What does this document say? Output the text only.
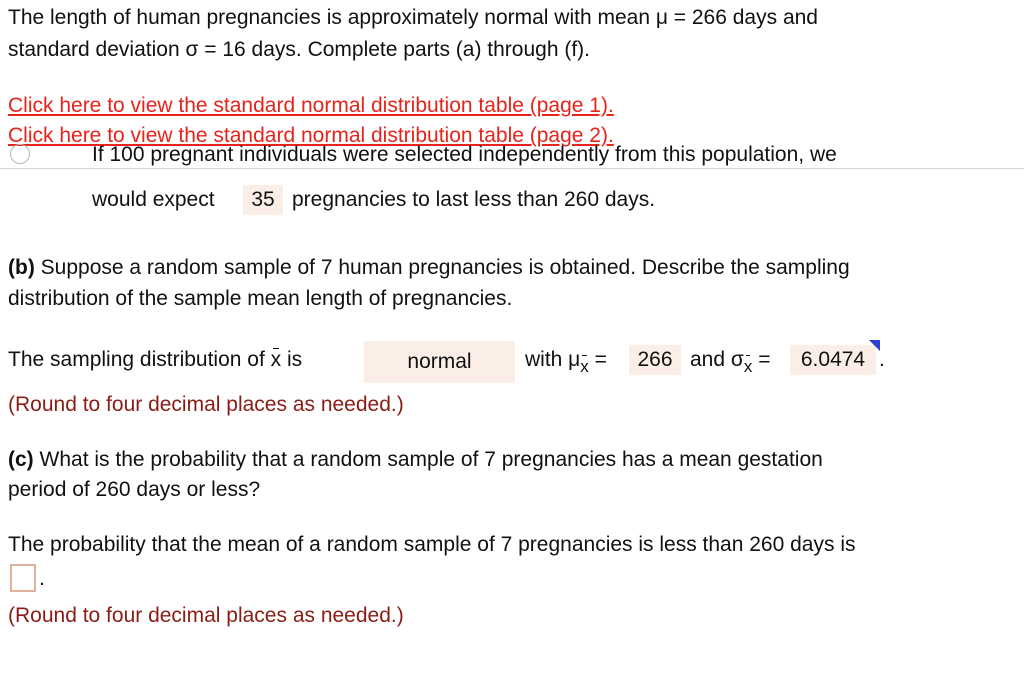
The length of human pregnancies is approximately normal with mean μ = 266 days and
standard deviation σ = 16 days. Complete parts (a) through (f).
Click here to view the standard normal distribution table (page 1).
Click here to view the standard normal distribution table (page 2).
If 100 pregnant individuals were selected independently from this population, we
would expect	35 pregnancies to last less than 260 days.
(b) Suppose a random sample of 7 human pregnancies is obtained. Describe the sampling
distribution of the sample mean length of pregnancies.
The sampling distribution of x is	normal	with μx =	266 and σx =	6.0474 .
(Round to four decimal places as needed.)
(c) What is the probability that a random sample of 7 pregnancies has a mean gestation
period of 260 days or less?
The probability that the mean of a random sample of 7 pregnancies is less than 260 days is
.
(Round to four decimal places as needed.)
